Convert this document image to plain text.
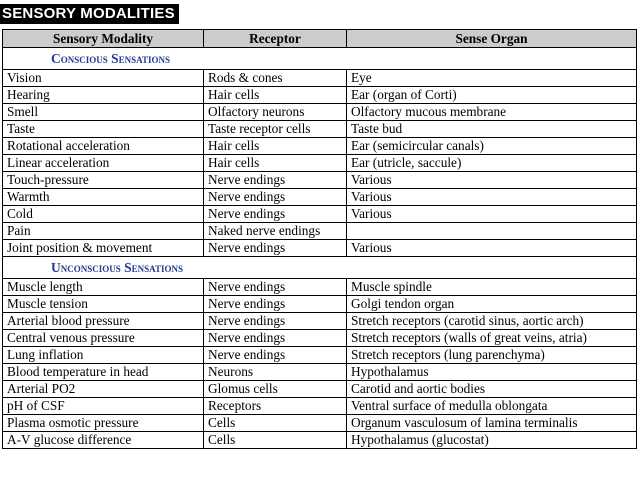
SENSORY MODALITIES
Sensory Modality	Receptor	Sense Organ
Conscious Sensations		
Vision	Rods & cones	Eye
Hearing	Hair cells	Ear (organ of Corti)
Smell	Olfactory neurons	Olfactory mucous membrane
Taste	Taste receptor cells	Taste bud
Rotational acceleration	Hair cells	Ear (semicircular canals)
Linear acceleration	Hair cells	Ear (utricle, saccule)
Touch-pressure	Nerve endings	Various
Warmth	Nerve endings	Various
Cold	Nerve endings	Various
Pain	Naked nerve endings	
Joint position & movement	Nerve endings	Various
Unconscious Sensations		
Muscle length	Nerve endings	Muscle spindle
Muscle tension	Nerve endings	Golgi tendon organ
Arterial blood pressure	Nerve endings	Stretch receptors (carotid sinus, aortic arch)
Central venous pressure	Nerve endings	Stretch receptors (walls of great veins, atria)
Lung inflation	Nerve endings	Stretch receptors (lung parenchyma)
Blood temperature in head	Neurons	Hypothalamus
Arterial PO2	Glomus cells	Carotid and aortic bodies
pH of CSF	Receptors	Ventral surface of medulla oblongata
Plasma osmotic pressure	Cells	Organum vasculosum of lamina terminalis
A-V glucose difference	Cells	Hypothalamus (glucostat)
